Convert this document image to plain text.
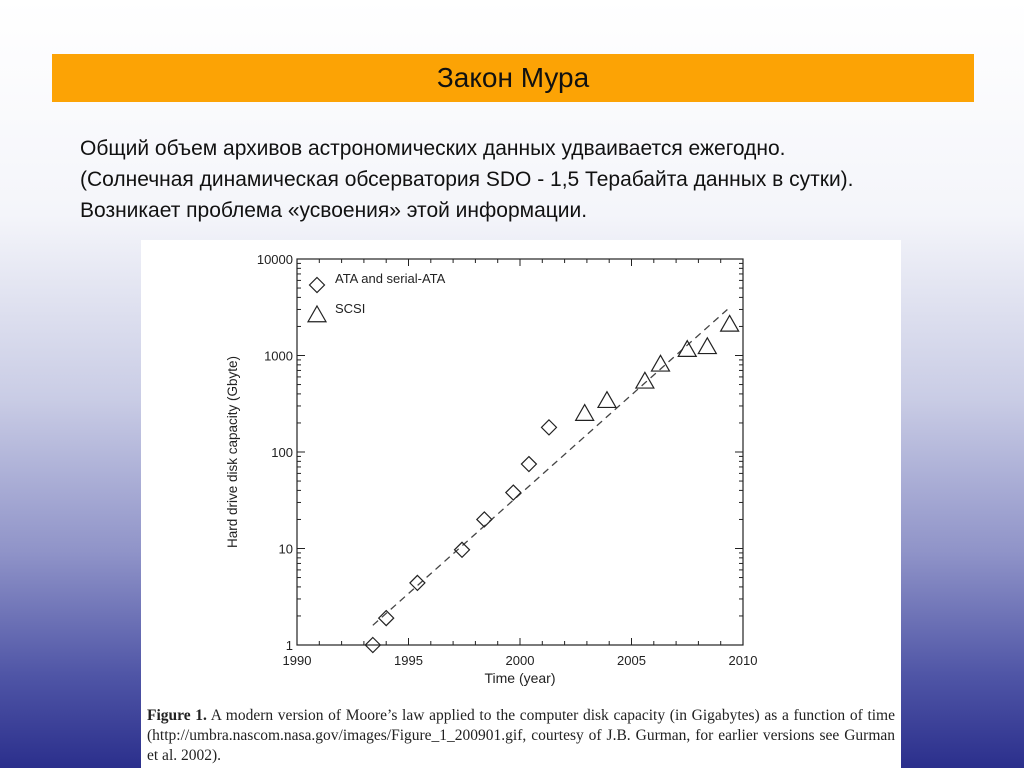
Закон Мура
Общий объем архивов астрономических данных удваивается ежегодно.
(Солнечная динамическая обсерватория SDO - 1,5 Терабайта данных в сутки).
Возникает проблема «усвоения» этой информации.
1990	1995	2000	2005	2010
1
10
100
1000
10000
Time (year)
Hard drive disk capacity (Gbyte)
ATA and serial-ATA
SCSI
Figure 1. A modern version of Moore’s law applied to the computer disk capacity (in Gigabytes) as a function of time (http://umbra.nascom.nasa.gov/images/Figure_1_200901.gif, courtesy of J.B. Gurman, for earlier versions see Gurman et al. 2002).
